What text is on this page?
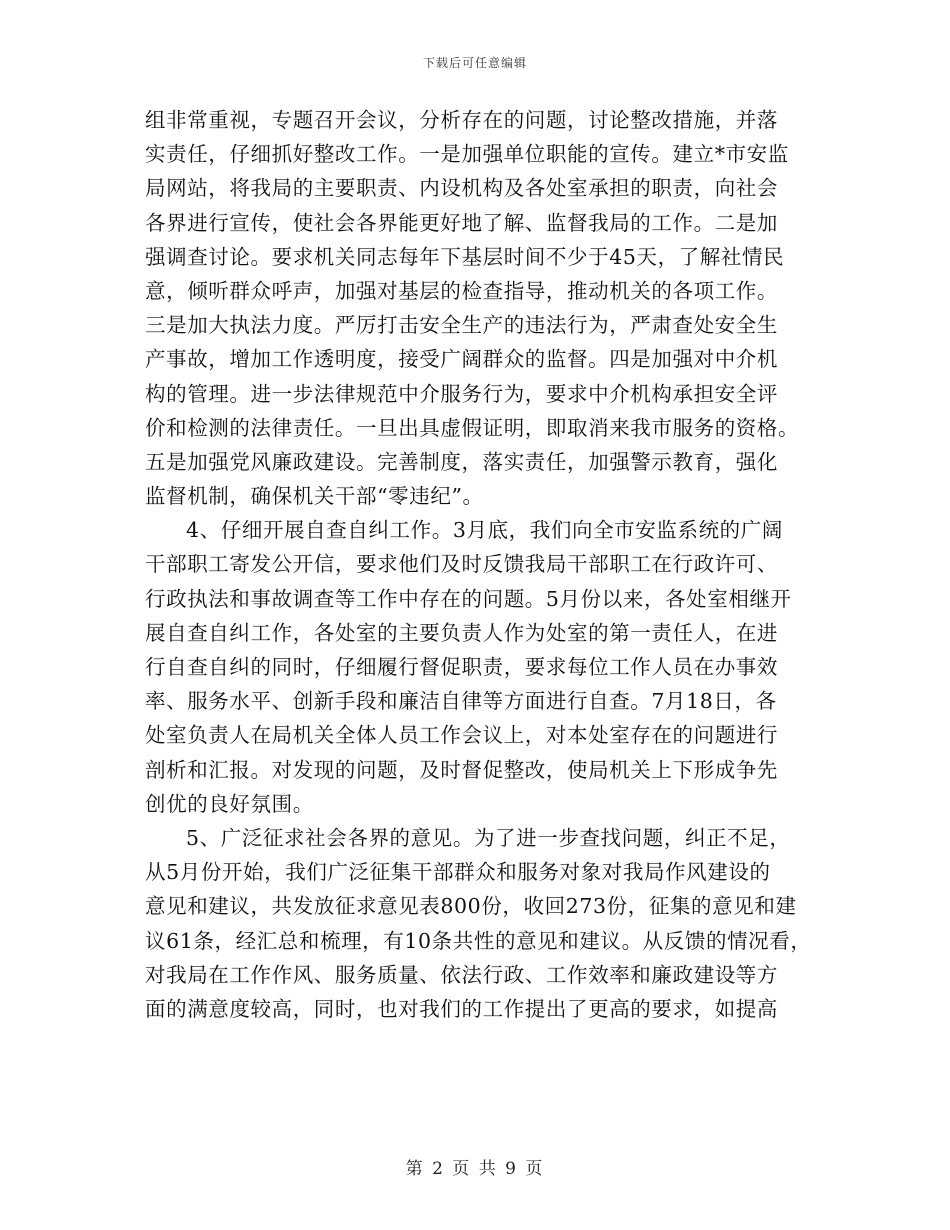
下载后可任意编辑
组非常重视，专题召开会议，分析存在的问题，讨论整改措施，并落
实责任，仔细抓好整改工作。一是加强单位职能的宣传。建立*市安监
局网站，将我局的主要职责、内设机构及各处室承担的职责，向社会
各界进行宣传，使社会各界能更好地了解、监督我局的工作。二是加
强调查讨论。要求机关同志每年下基层时间不少于45天，了解社情民
意，倾听群众呼声，加强对基层的检查指导，推动机关的各项工作。
三是加大执法力度。严厉打击安全生产的违法行为，严肃查处安全生
产事故，增加工作透明度，接受广阔群众的监督。四是加强对中介机
构的管理。进一步法律规范中介服务行为，要求中介机构承担安全评
价和检测的法律责任。一旦出具虚假证明，即取消来我市服务的资格。
五是加强党风廉政建设。完善制度，落实责任，加强警示教育，强化
监督机制，确保机关干部“零违纪”。
4、仔细开展自查自纠工作。3月底，我们向全市安监系统的广阔
干部职工寄发公开信，要求他们及时反馈我局干部职工在行政许可、
行政执法和事故调查等工作中存在的问题。5月份以来，各处室相继开
展自查自纠工作，各处室的主要负责人作为处室的第一责任人，在进
行自查自纠的同时，仔细履行督促职责，要求每位工作人员在办事效
率、服务水平、创新手段和廉洁自律等方面进行自查。7月18日，各
处室负责人在局机关全体人员工作会议上，对本处室存在的问题进行
剖析和汇报。对发现的问题，及时督促整改，使局机关上下形成争先
创优的良好氛围。
5、广泛征求社会各界的意见。为了进一步查找问题，纠正不足，
从5月份开始，我们广泛征集干部群众和服务对象对我局作风建设的
意见和建议，共发放征求意见表800份，收回273份，征集的意见和建
议61条，经汇总和梳理，有10条共性的意见和建议。从反馈的情况看，
对我局在工作作风、服务质量、依法行政、工作效率和廉政建设等方
面的满意度较高，同时，也对我们的工作提出了更高的要求，如提高
第 2 页 共 9 页
